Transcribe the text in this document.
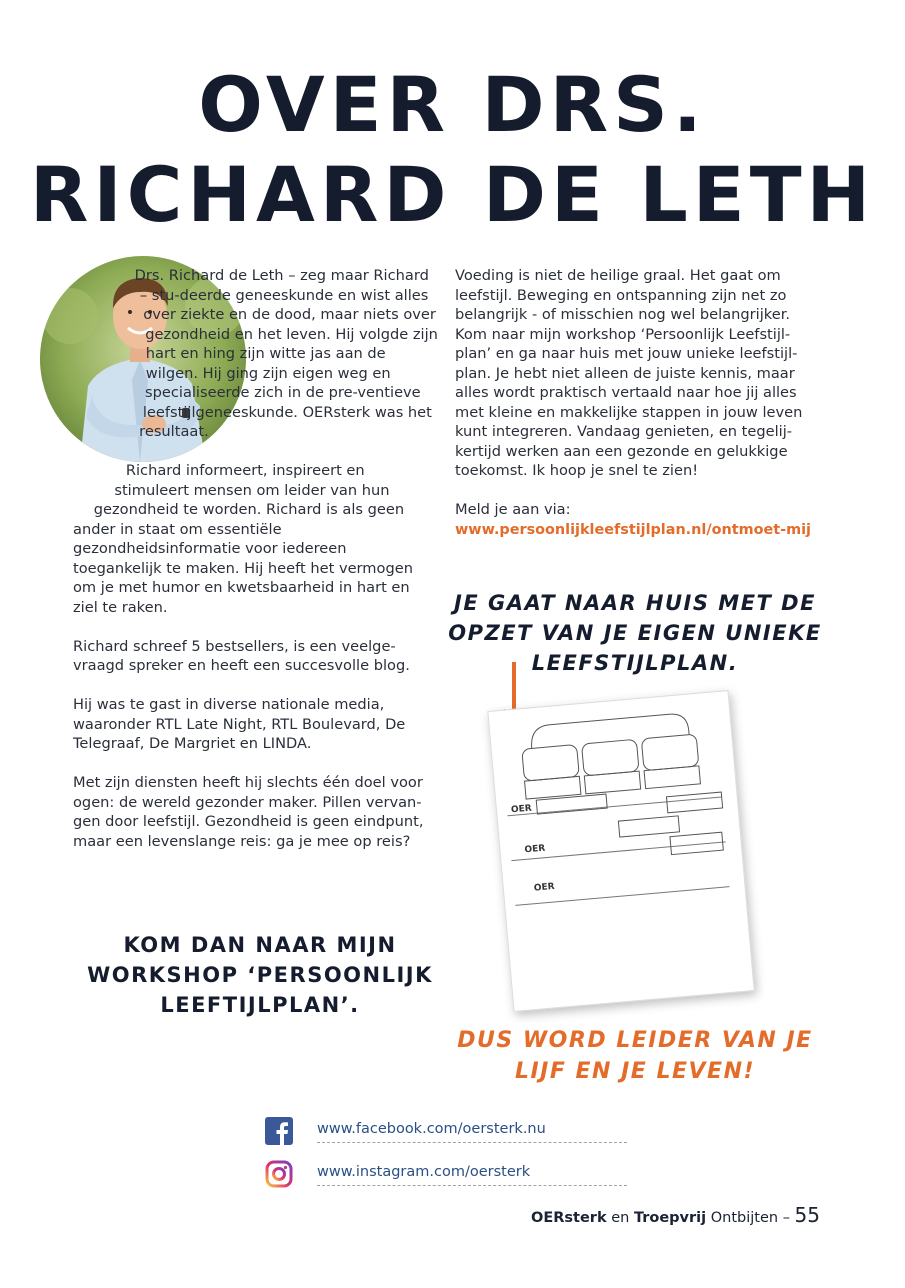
OVER DRS.
RICHARD DE LETH

Drs. Richard de Leth – zeg maar Richard – stu-deerde geneeskunde en wist alles over ziekte en de dood, maar niets over gezondheid en het leven. Hij volgde zijn hart en hing zijn witte jas aan de wilgen. Hij ging zijn eigen weg en specialiseerde zich in de pre-ventieve leefstijlgeneeskunde. OERsterk was het resultaat.

Richard informeert, inspireert en stimuleert mensen om leider van hun gezondheid te worden. Richard is als geen ander in staat om essentiële gezondheidsinformatie voor iedereen toegankelijk te maken. Hij heeft het vermogen om je met humor en kwetsbaarheid in hart en ziel te raken.

Richard schreef 5 bestsellers, is een veelge-vraagd spreker en heeft een succesvolle blog.

Hij was te gast in diverse nationale media, waaronder RTL Late Night, RTL Boulevard, De Telegraaf, De Margriet en LINDA.

Met zijn diensten heeft hij slechts één doel voor ogen: de wereld gezonder maker. Pillen vervan-gen door leefstijl. Gezondheid is geen eindpunt, maar een levenslange reis: ga je mee op reis?

KOM DAN NAAR MIJN WORKSHOP ‘PERSOONLIJK LEEFTIJLPLAN’.

Voeding is niet de heilige graal. Het gaat om leefstijl. Beweging en ontspanning zijn net zo belangrijk - of misschien nog wel belangrijker. Kom naar mijn workshop ‘Persoonlijk Leefstijl-plan’ en ga naar huis met jouw unieke leefstijl-plan. Je hebt niet alleen de juiste kennis, maar alles wordt praktisch vertaald naar hoe jij alles met kleine en makkelijke stappen in jouw leven kunt integreren. Vandaag genieten, en tegelij-kertijd werken aan een gezonde en gelukkige toekomst. Ik hoop je snel te zien!

Meld je aan via:
www.persoonlijkleefstijlplan.nl/ontmoet-mij
JE GAAT NAAR HUIS MET DE OPZET VAN JE EIGEN UNIEKE LEEFSTIJLPLAN.
OER
OER
OER
DUS WORD LEIDER VAN JE LIJF EN JE LEVEN!
www.facebook.com/oersterk.nu
www.instagram.com/oersterk
OERsterk en Troepvrij Ontbijten – 55
